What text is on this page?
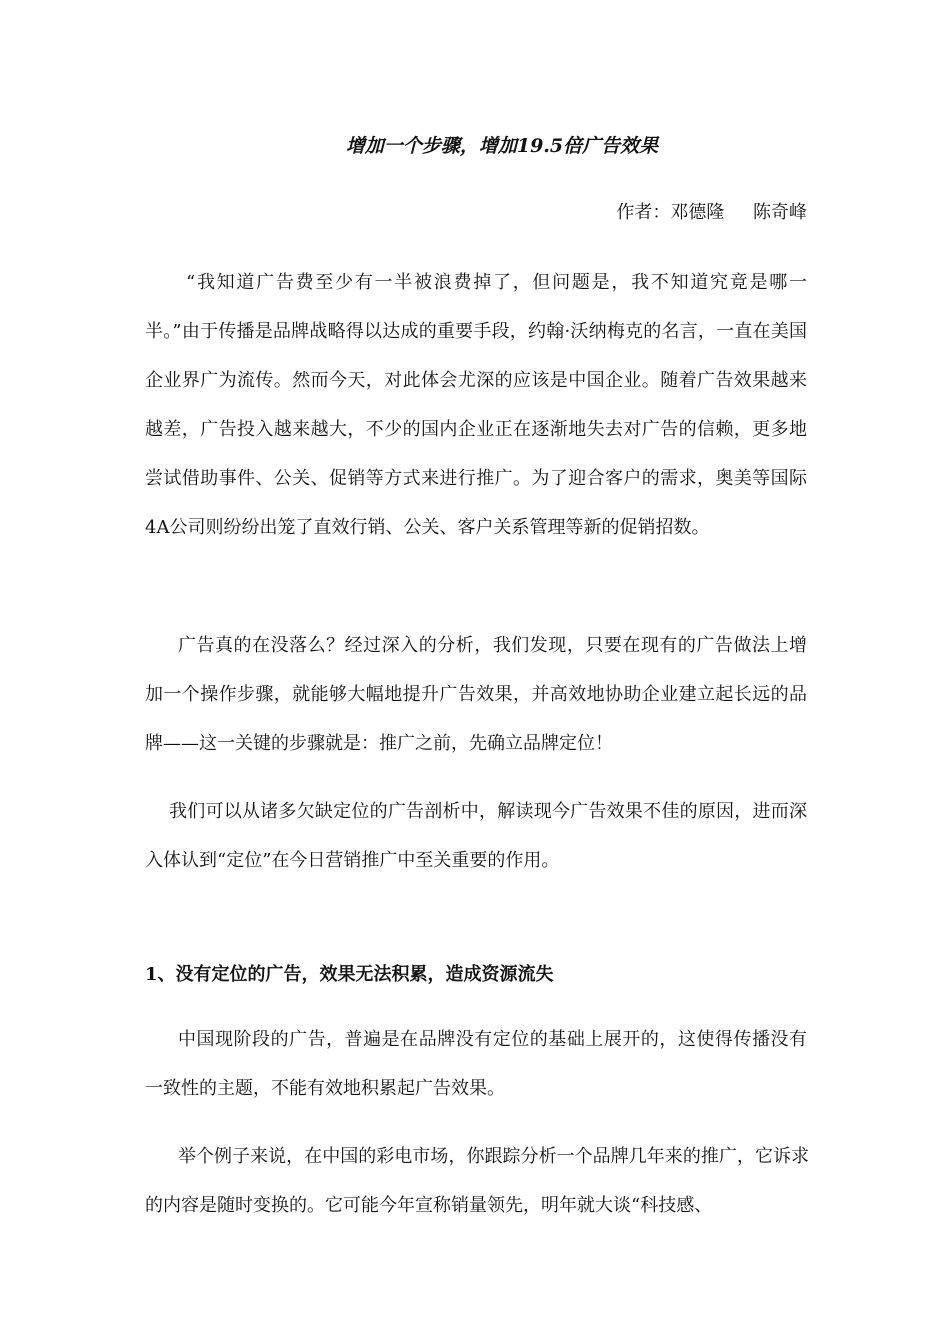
增加一个步骤，增加19.5倍广告效果

作者：邓德隆     陈奇峰

“我知道广告费至少有一半被浪费掉了，但问题是，我不知道究竟是哪一半。”由于传播是品牌战略得以达成的重要手段，约翰·沃纳梅克的名言，一直在美国企业界广为流传。然而今天，对此体会尤深的应该是中国企业。随着广告效果越来越差，广告投入越来越大，不少的国内企业正在逐渐地失去对广告的信赖，更多地尝试借助事件、公关、促销等方式来进行推广。为了迎合客户的需求，奥美等国际4A公司则纷纷出笼了直效行销、公关、客户关系管理等新的促销招数。

广告真的在没落么？经过深入的分析，我们发现，只要在现有的广告做法上增加一个操作步骤，就能够大幅地提升广告效果，并高效地协助企业建立起长远的品牌——这一关键的步骤就是：推广之前，先确立品牌定位！

我们可以从诸多欠缺定位的广告剖析中，解读现今广告效果不佳的原因，进而深入体认到“定位”在今日营销推广中至关重要的作用。

1、没有定位的广告，效果无法积累，造成资源流失

中国现阶段的广告，普遍是在品牌没有定位的基础上展开的，这使得传播没有一致性的主题，不能有效地积累起广告效果。

举个例子来说，在中国的彩电市场，你跟踪分析一个品牌几年来的推广，它诉求的内容是随时变换的。它可能今年宣称销量领先，明年就大谈“科技感、
